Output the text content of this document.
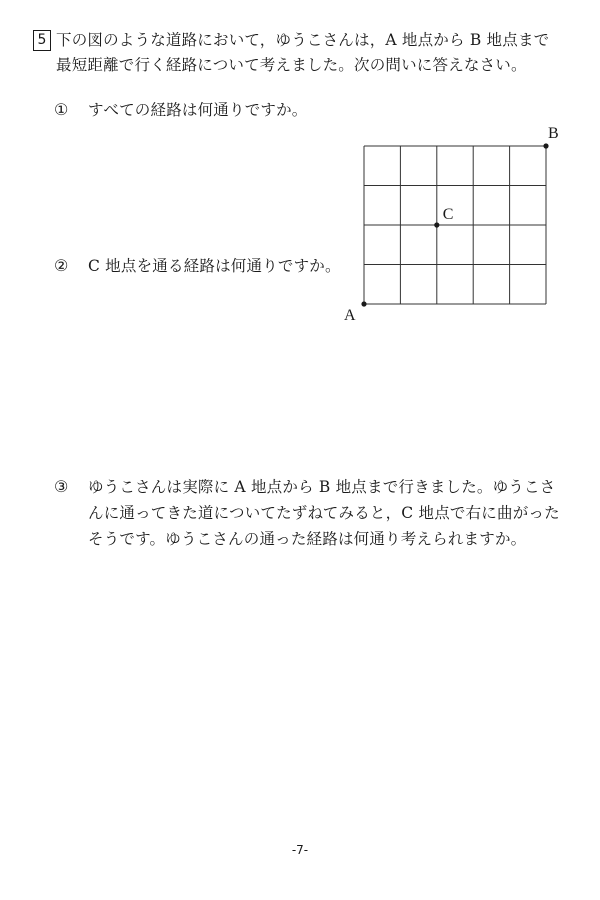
5 下の図のような道路において，ゆうこさんは，A 地点から B 地点まで
最短距離で行く経路について考えました。次の問いに答えなさい。
① すべての経路は何通りですか。
② C 地点を通る経路は何通りですか。
③ ゆうこさんは実際に A 地点から B 地点まで行きました。ゆうこさ
んに通ってきた道についてたずねてみると，C 地点で右に曲がった
そうです。ゆうこさんの通った経路は何通り考えられますか。
A
B
C
-7-
